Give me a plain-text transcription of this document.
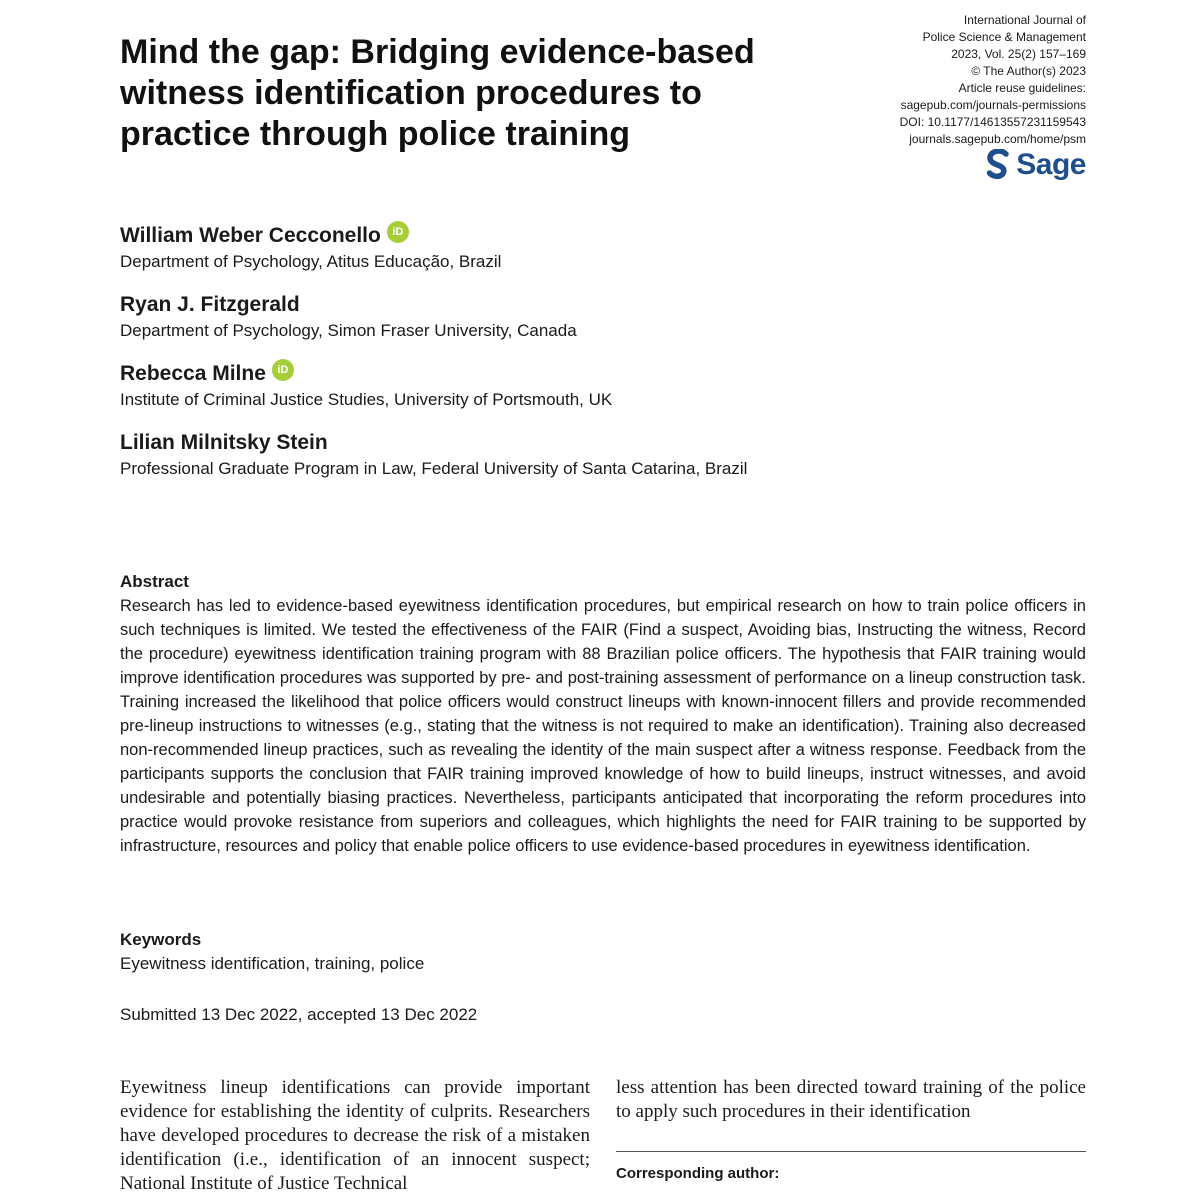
Mind the gap: Bridging evidence-based witness identification procedures to practice through police training
International Journal of
Police Science & Management
2023, Vol. 25(2) 157–169
© The Author(s) 2023
Article reuse guidelines:
sagepub.com/journals-permissions
DOI: 10.1177/14613557231159543
journals.sagepub.com/home/psm
Sage
William Weber Cecconello	iD
Department of Psychology, Atitus Educação, Brazil
Ryan J. Fitzgerald
Department of Psychology, Simon Fraser University, Canada
Rebecca Milne	iD
Institute of Criminal Justice Studies, University of Portsmouth, UK
Lilian Milnitsky Stein
Professional Graduate Program in Law, Federal University of Santa Catarina, Brazil
Abstract

Research has led to evidence-based eyewitness identification procedures, but empirical research on how to train police officers in such techniques is limited. We tested the effectiveness of the FAIR (Find a suspect, Avoiding bias, Instructing the witness, Record the procedure) eyewitness identification training program with 88 Brazilian police officers. The hypothesis that FAIR training would improve identification procedures was supported by pre- and post-training assessment of performance on a lineup construction task. Training increased the likelihood that police officers would construct lineups with known-innocent fillers and provide recommended pre-lineup instructions to witnesses (e.g., stating that the witness is not required to make an identification). Training also decreased non-recommended lineup practices, such as revealing the identity of the main suspect after a witness response. Feedback from the participants supports the conclusion that FAIR training improved knowledge of how to build lineups, instruct witnesses, and avoid undesirable and potentially biasing practices. Nevertheless, participants anticipated that incorporating the reform procedures into practice would provoke resistance from superiors and colleagues, which highlights the need for FAIR training to be supported by infrastructure, resources and policy that enable police officers to use evidence-based procedures in eyewitness identification.

Keywords
Eyewitness identification, training, police
Submitted 13 Dec 2022, accepted 13 Dec 2022

Eyewitness lineup identifications can provide important evidence for establishing the identity of culprits. Researchers have developed procedures to decrease the risk of a mistaken identification (i.e., identification of an innocent suspect; National Institute of Justice Technical

less attention has been directed toward training of the police to apply such procedures in their identification

Corresponding author:
